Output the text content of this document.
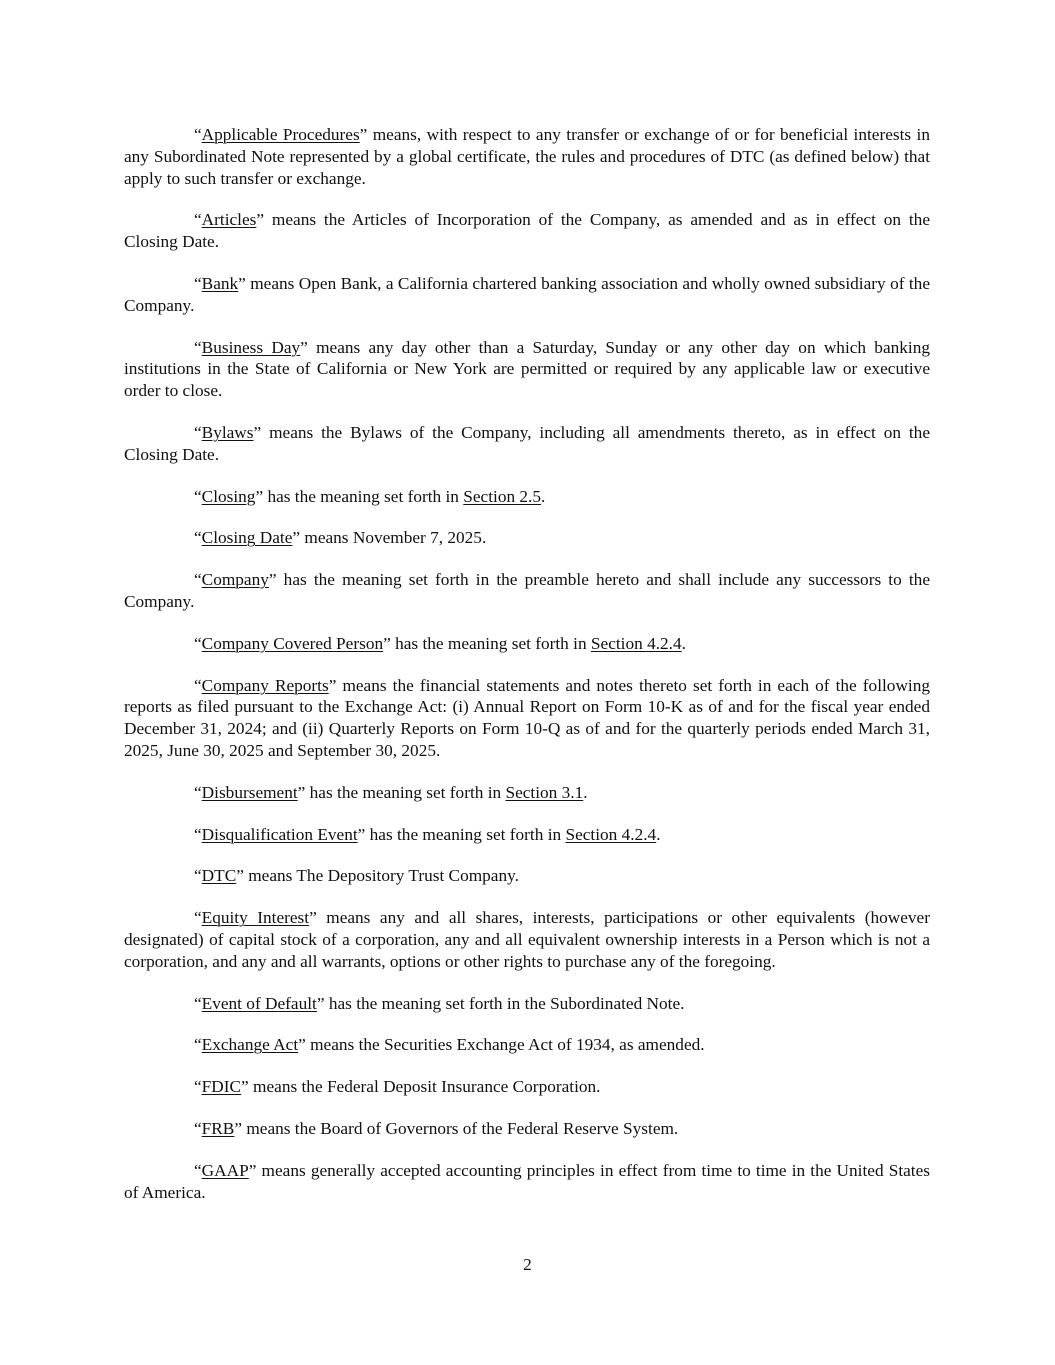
“Applicable Procedures” means, with respect to any transfer or exchange of or for beneficial interests in any Subordinated Note represented by a global certificate, the rules and procedures of DTC (as defined below) that apply to such transfer or exchange.

“Articles” means the Articles of Incorporation of the Company, as amended and as in effect on the Closing Date.

“Bank” means Open Bank, a California chartered banking association and wholly owned subsidiary of the Company.

“Business Day” means any day other than a Saturday, Sunday or any other day on which banking institutions in the State of California or New York are permitted or required by any applicable law or executive order to close.

“Bylaws” means the Bylaws of the Company, including all amendments thereto, as in effect on the Closing Date.

“Closing” has the meaning set forth in Section 2.5.

“Closing Date” means November 7, 2025.

“Company” has the meaning set forth in the preamble hereto and shall include any successors to the Company.

“Company Covered Person” has the meaning set forth in Section 4.2.4.

“Company Reports” means the financial statements and notes thereto set forth in each of the following reports as filed pursuant to the Exchange Act: (i) Annual Report on Form 10-K as of and for the fiscal year ended December 31, 2024; and (ii) Quarterly Reports on Form 10-Q as of and for the quarterly periods ended March 31, 2025, June 30, 2025 and September 30, 2025.

“Disbursement” has the meaning set forth in Section 3.1.

“Disqualification Event” has the meaning set forth in Section 4.2.4.

“DTC” means The Depository Trust Company.

“Equity Interest” means any and all shares, interests, participations or other equivalents (however designated) of capital stock of a corporation, any and all equivalent ownership interests in a Person which is not a corporation, and any and all warrants, options or other rights to purchase any of the foregoing.

“Event of Default” has the meaning set forth in the Subordinated Note.

“Exchange Act” means the Securities Exchange Act of 1934, as amended.

“FDIC” means the Federal Deposit Insurance Corporation.

“FRB” means the Board of Governors of the Federal Reserve System.

“GAAP” means generally accepted accounting principles in effect from time to time in the United States of America.

2
